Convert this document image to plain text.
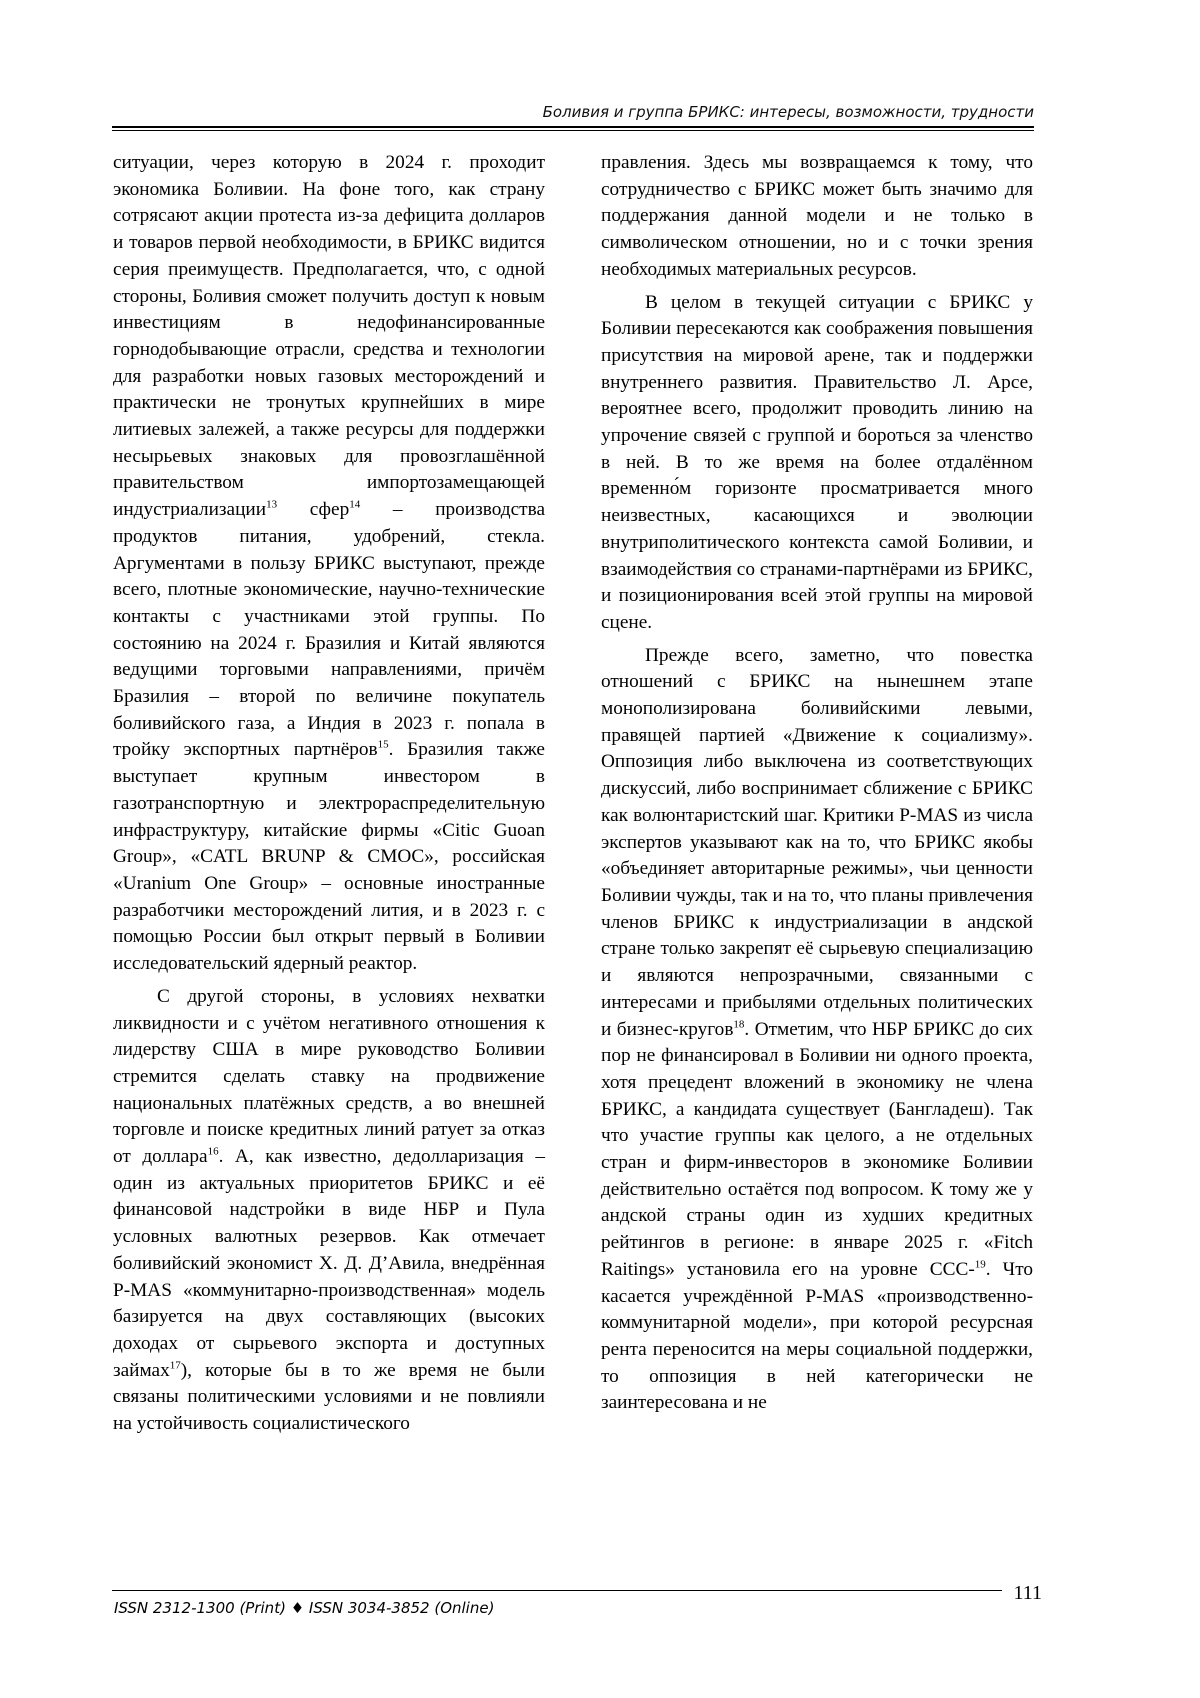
Боливия и группа БРИКС: интересы, возможности, трудности

ситуации, через которую в 2024 г. проходит экономика Боливии. На фоне того, как страну сотрясают акции протеста из-за дефицита долларов и товаров первой необходимости, в БРИКС видится серия преимуществ. Предполагается, что, с одной стороны, Боливия сможет получить доступ к новым инвестициям в недофинансированные горнодобывающие отрасли, средства и технологии для разработки новых газовых месторождений и практически не тронутых крупнейших в мире литиевых залежей, а также ресурсы для поддержки несырьевых знаковых для провозглашённой правительством импортозамещающей индустриализации$^{13}$ сфер$^{14}$ – производства продуктов питания, удобрений, стекла. Аргументами в пользу БРИКС выступают, прежде всего, плотные экономические, научно-технические контакты с участниками этой группы. По состоянию на 2024 г. Бразилия и Китай являются ведущими торговыми направлениями, причём Бразилия – второй по величине покупатель боливийского газа, а Индия в 2023 г. попала в тройку экспортных партнёров$^{15}$. Бразилия также выступает крупным инвестором в газотранспортную и электрораспределительную инфраструктуру, китайские фирмы «Citic Guoan Group», «CATL BRUNP & CMOC», российская «Uranium One Group» – основные иностранные разработчики месторождений лития, и в 2023 г. с помощью России был открыт первый в Боливии исследовательский ядерный реактор.

С другой стороны, в условиях нехватки ликвидности и с учётом негативного отношения к лидерству США в мире руководство Боливии стремится сделать ставку на продвижение национальных платёжных средств, а во внешней торговле и поиске кредитных линий ратует за отказ от доллара$^{16}$. А, как известно, дедолларизация – один из актуальных приоритетов БРИКС и её финансовой надстройки в виде НБР и Пула условных валютных резервов. Как отмечает боливийский экономист Х. Д. Д’Авила, внедрённая P-MAS «коммунитарно-производственная» модель базируется на двух составляющих (высоких доходах от сырьевого экспорта и доступных займах$^{17}$), которые бы в то же время не были связаны политическими условиями и не повлияли на устойчивость социалистического

правления. Здесь мы возвращаемся к тому, что сотрудничество с БРИКС может быть значимо для поддержания данной модели и не только в символическом отношении, но и с точки зрения необходимых материальных ресурсов.

В целом в текущей ситуации с БРИКС у Боливии пересекаются как соображения повышения присутствия на мировой арене, так и поддержки внутреннего развития. Правительство Л. Арсе, вероятнее всего, продолжит проводить линию на упрочение связей с группой и бороться за членство в ней. В то же время на более отдалённом временно́м горизонте просматривается много неизвестных, касающихся и эволюции внутриполитического контекста самой Боливии, и взаимодействия со странами-партнёрами из БРИКС, и позиционирования всей этой группы на мировой сцене.

Прежде всего, заметно, что повестка отношений с БРИКС на нынешнем этапе монополизирована боливийскими левыми, правящей партией «Движение к социализму». Оппозиция либо выключена из соответствующих дискуссий, либо воспринимает сближение с БРИКС как волюнтаристский шаг. Критики P-MAS из числа экспертов указывают как на то, что БРИКС якобы «объединяет авторитарные режимы», чьи ценности Боливии чужды, так и на то, что планы привлечения членов БРИКС к индустриализации в андской стране только закрепят её сырьевую специализацию и являются непрозрачными, связанными с интересами и прибылями отдельных политических и бизнес-кругов$^{18}$. Отметим, что НБР БРИКС до сих пор не финансировал в Боливии ни одного проекта, хотя прецедент вложений в экономику не члена БРИКС, а кандидата существует (Бангладеш). Так что участие группы как целого, а не отдельных стран и фирм-инвесторов в экономике Боливии действительно остаётся под вопросом. К тому же у андской страны один из худших кредитных рейтингов в регионе: в январе 2025 г. «Fitch Raitings» установила его на уровне CCC-$^{19}$. Что касается учреждённой P-MAS «производственно-коммунитарной модели», при которой ресурсная рента переносится на меры социальной поддержки, то оппозиция в ней категорически не заинтересована и не

ISSN 2312-1300 (Print) ♦ ISSN 3034-3852 (Online)
111
